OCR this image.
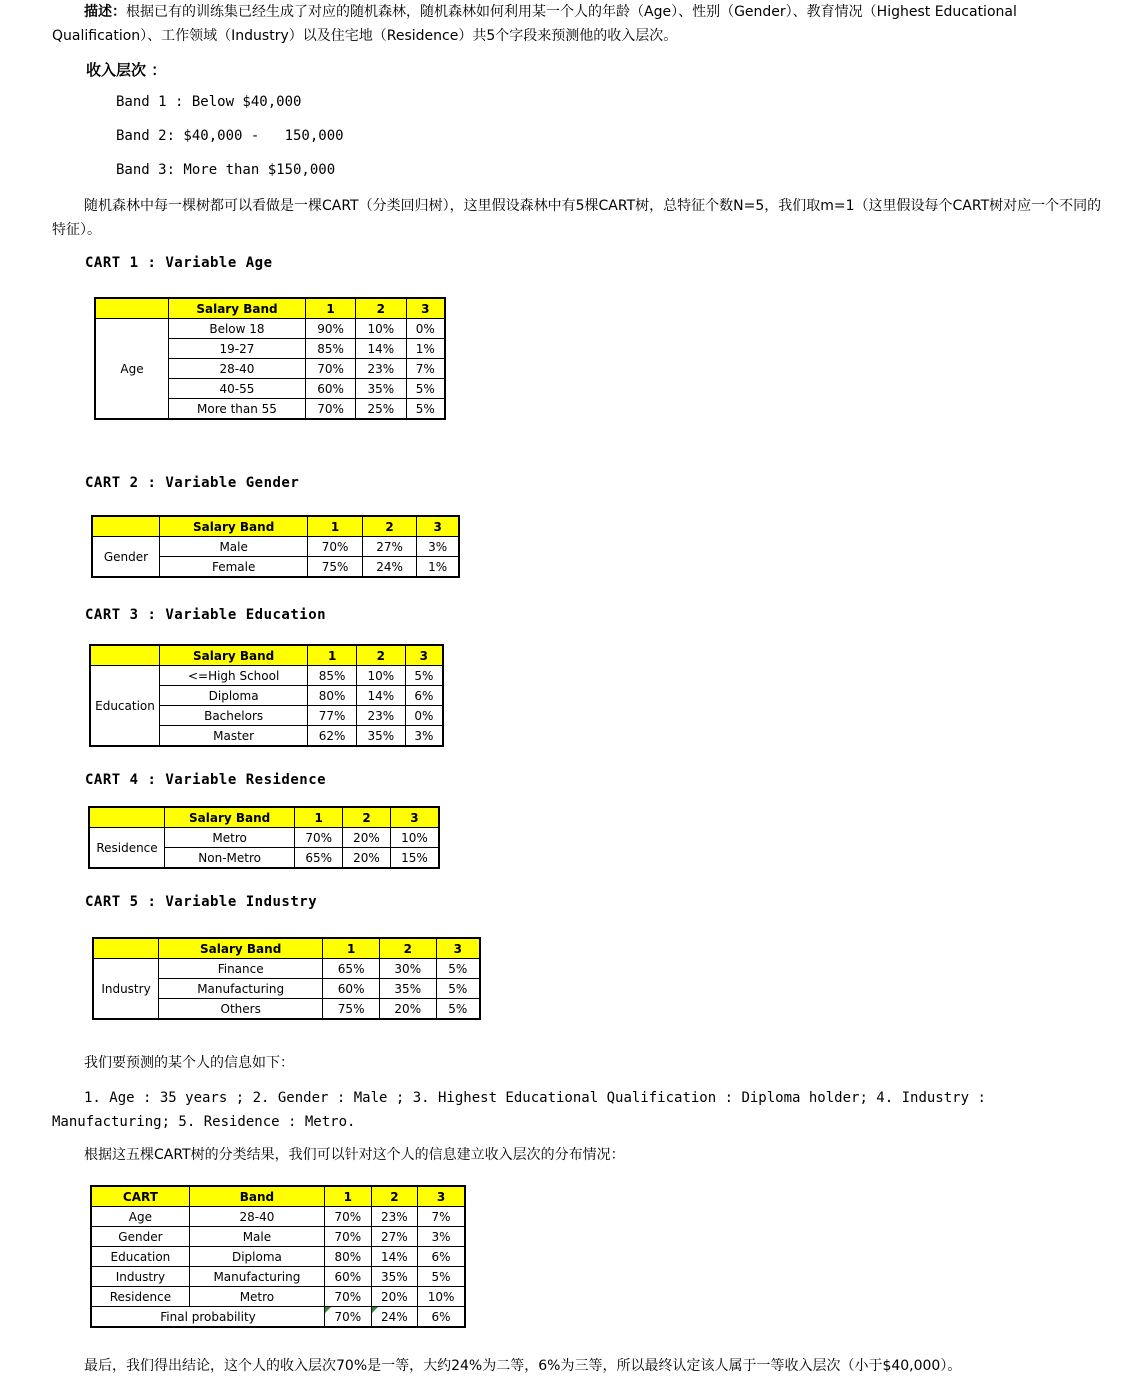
描述：根据已有的训练集已经生成了对应的随机森林，随机森林如何利用某一个人的年龄（Age）、性别（Gender）、教育情况（Highest Educational Qualification）、工作领域（Industry）以及住宅地（Residence）共5个字段来预测他的收入层次。
收入层次 ：
Band 1 : Below $40,000
Band 2: $40,000 -   150,000
Band 3: More than $150,000
随机森林中每一棵树都可以看做是一棵CART（分类回归树），这里假设森林中有5棵CART树，总特征个数N=5，我们取m=1（这里假设每个CART树对应一个不同的特征）。
CART 1 : Variable Age
	Salary Band	1	2	3
Age	Below 18	90%	10%	0%
	19-27	85%	14%	1%
	28-40	70%	23%	7%
	40-55	60%	35%	5%
	More than 55	70%	25%	5%
CART 2 : Variable Gender
	Salary Band	1	2	3
Gender	Male	70%	27%	3%
	Female	75%	24%	1%
CART 3 : Variable Education
	Salary Band	1	2	3
Education	<=High School	85%	10%	5%
	Diploma	80%	14%	6%
	Bachelors	77%	23%	0%
	Master	62%	35%	3%
CART 4 : Variable Residence
	Salary Band	1	2	3
Residence	Metro	70%	20%	10%
	Non-Metro	65%	20%	15%
CART 5 : Variable Industry
	Salary Band	1	2	3
Industry	Finance	65%	30%	5%
	Manufacturing	60%	35%	5%
	Others	75%	20%	5%
我们要预测的某个人的信息如下：
1. Age : 35 years ; 2. Gender : Male ; 3. Highest Educational Qualification : Diploma holder; 4. Industry : Manufacturing; 5. Residence : Metro.
根据这五棵CART树的分类结果，我们可以针对这个人的信息建立收入层次的分布情况：
CART	Band	1	2	3
Age	28-40	70%	23%	7%
Gender	Male	70%	27%	3%
Education	Diploma	80%	14%	6%
Industry	Manufacturing	60%	35%	5%
Residence	Metro	70%	20%	10%
Final probability		70%	24%	6%
最后，我们得出结论，这个人的收入层次70%是一等，大约24%为二等，6%为三等，所以最终认定该人属于一等收入层次（小于$40,000）。
